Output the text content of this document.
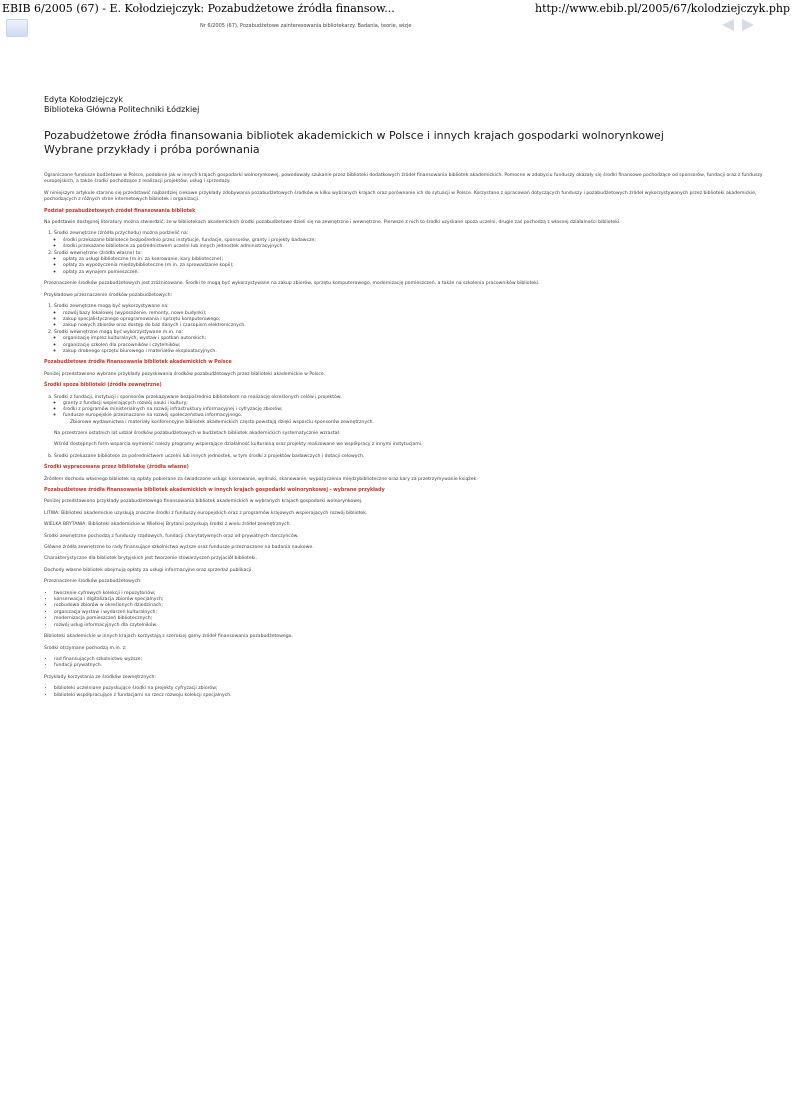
EBIB 6/2005 (67) - E. Kołodziejczyk: Pozabudżetowe źródła finansow...	http://www.ebib.pl/2005/67/kolodziejczyk.php
Nr 6/2005 (67), Pozabudżetowe zainteresowania bibliotekarzy. Badania, teorie, wizje
Edyta Kołodziejczyk
Biblioteka Główna Politechniki Łódzkiej
Pozabudżetowe źródła finansowania bibliotek akademickich w Polsce i innych krajach gospodarki wolnorynkowej
Wybrane przykłady i próba porównania

Ograniczone fundusze budżetowe w Polsce, podobnie jak w innych krajach gospodarki wolnorynkowej, powodowały szukanie przez biblioteki dodatkowych źródeł finansowania bibliotek akademickich. Pomocne w zdobyciu funduszy okazały się środki finansowe pochodzące od sponsorów, fundacji oraz z funduszy europejskich, a także środki pochodzące z realizacji projektów, usług i sprzedaży.

W niniejszym artykule starano się przedstawić najbardziej ciekawe przykłady zdobywania pozabudżetowych środków w kilku wybranych krajach oraz porównanie ich do sytuacji w Polsce. Korzystano z opracowań dotyczących funduszy i pozabudżetowych źródeł wykorzystywanych przez biblioteki akademickie, pochodzących z różnych stron internetowych bibliotek i organizacji.

Podział pozabudżetowych źródeł finansowania bibliotek

Na podstawie dostępnej literatury można stwierdzić, że w bibliotekach akademickich środki pozabudżetowe dzieli się na zewnętrzne i wewnętrzne. Pierwsze z nich to środki uzyskane spoza uczelni, drugie zaś pochodzą z własnej działalności biblioteki.

1. Środki zewnętrzne (źródła przychodu) można podzielić na:
◦ środki przekazane bibliotece bezpośrednio przez instytucje, fundacje, sponsorów, granty i projekty badawcze;
◦ środki przekazane bibliotece za pośrednictwem uczelni lub innych jednostek administracyjnych.
2. Środki wewnętrzne (źródła własne) to:
◦ opłaty za usługi biblioteczne (m.in. za kserowanie, kary biblioteczne);
◦ opłaty za wypożyczenia międzybiblioteczne (m.in. za sprowadzanie kopii);
◦ opłaty za wynajem pomieszczeń.

Przeznaczenie środków pozabudżetowych jest zróżnicowane. Środki te mogą być wykorzystywane na zakup zbiorów, sprzętu komputerowego, modernizację pomieszczeń, a także na szkolenia pracowników biblioteki.

Przykładowe przeznaczenie środków pozabudżetowych:

1. Środki zewnętrzne mogą być wykorzystywane na:
◦ rozwój bazy lokalowej (wyposażenie, remonty, nowe budynki);
◦ zakup specjalistycznego oprogramowania i sprzętu komputerowego;
◦ zakup nowych zbiorów oraz dostęp do baz danych i czasopism elektronicznych.
2. Środki wewnętrzne mogą być wykorzystywane m.in. na:
◦ organizację imprez kulturalnych, wystaw i spotkań autorskich;
◦ organizację szkoleń dla pracowników i czytelników;
◦ zakup drobnego sprzętu biurowego i materiałów eksploatacyjnych.
Pozabudżetowe źródła finansowania bibliotek akademickich w Polsce

Poniżej przedstawiono wybrane przykłady pozyskiwania środków pozabudżetowych przez biblioteki akademickie w Polsce.

Środki spoza biblioteki (źródła zewnętrzne)
a. Środki z fundacji, instytucji i sponsorów przekazywane bezpośrednio bibliotekom na realizację określonych celów i projektów.
◦ granty z fundacji wspierających rozwój nauki i kultury;
◦ środki z programów ministerialnych na rozwój infrastruktury informacyjnej i cyfryzację zbiorów;
◦ fundusze europejskie przeznaczone na rozwój społeczeństwa informacyjnego.

Zbiorowe wydawnictwa i materiały konferencyjne bibliotek akademickich często powstają dzięki wsparciu sponsorów zewnętrznych.

Na przestrzeni ostatnich lat udział środków pozabudżetowych w budżetach bibliotek akademickich systematycznie wzrastał.

Wśród dostępnych form wsparcia wymienić należy programy wspierające działalność kulturalną oraz projekty realizowane we współpracy z innymi instytucjami.

b. Środki przekazane bibliotece za pośrednictwem uczelni lub innych jednostek, w tym środki z projektów badawczych i dotacji celowych.
Środki wypracowane przez bibliotekę (źródła własne)

Źródłem dochodu własnego bibliotek są opłaty pobierane za świadczone usługi: kserowanie, wydruki, skanowanie, wypożyczenia międzybiblioteczne oraz kary za przetrzymywanie książek.

Pozabudżetowe źródła finansowania bibliotek akademickich w innych krajach gospodarki wolnorynkowej - wybrane przykłady

Poniżej przedstawiono przykłady pozabudżetowego finansowania bibliotek akademickich w wybranych krajach gospodarki wolnorynkowej.

LITWA: Biblioteki akademickie uzyskują znaczne środki z funduszy europejskich oraz z programów krajowych wspierających rozwój bibliotek.

WIELKA BRYTANIA: Biblioteki akademickie w Wielkiej Brytanii pozyskują środki z wielu źródeł zewnętrznych.

Środki zewnętrzne pochodzą z funduszy rządowych, fundacji charytatywnych oraz od prywatnych darczyńców.

Główne źródła zewnętrzne to rady finansujące szkolnictwo wyższe oraz fundusze przeznaczone na badania naukowe.

Charakterystyczne dla bibliotek brytyjskich jest tworzenie stowarzyszeń przyjaciół biblioteki.

Dochody własne bibliotek obejmują opłaty za usługi informacyjne oraz sprzedaż publikacji.

Przeznaczenie środków pozabudżetowych:

• tworzenie cyfrowych kolekcji i repozytoriów;
• konserwacja i digitalizacja zbiorów specjalnych;
• rozbudowa zbiorów w określonych dziedzinach;
• organizacja wystaw i wydarzeń kulturalnych;
• modernizacja pomieszczeń bibliotecznych;
• rozwój usług informacyjnych dla czytelników.

Biblioteki akademickie w innych krajach korzystają z szerokiej gamy źródeł finansowania pozabudżetowego.

Środki otrzymane pochodzą m.in. z:

• rad finansujących szkolnictwo wyższe;
• fundacji prywatnych.

Przykłady korzystania ze środków zewnętrznych:

• biblioteki uczelniane pozyskujące środki na projekty cyfryzacji zbiorów;
• biblioteki współpracujące z fundacjami na rzecz rozwoju kolekcji specjalnych.
